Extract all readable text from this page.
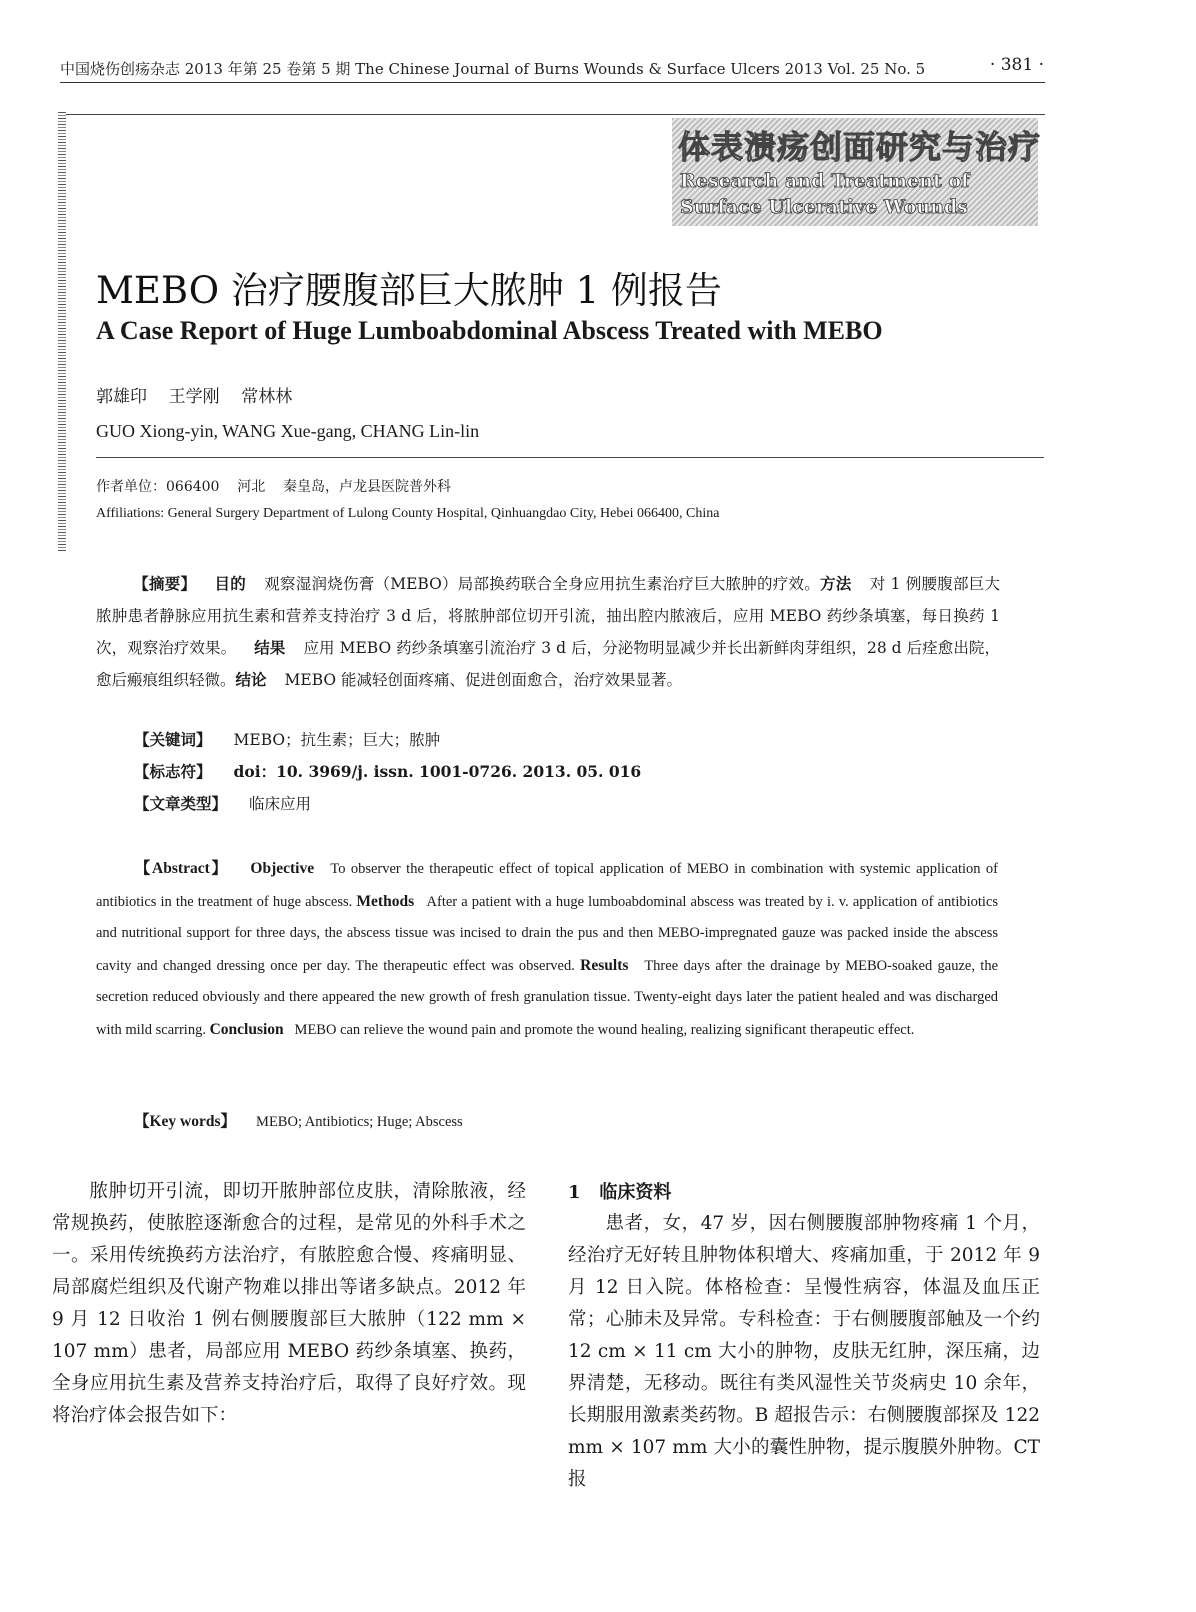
中国烧伤创疡杂志 2013 年第 25 卷第 5 期 The Chinese Journal of Burns Wounds & Surface Ulcers 2013 Vol. 25 No. 5	· 381 ·
体表溃疡创面研究与治疗
Research and Treatment of Surface Ulcerative Wounds
MEBO 治疗腰腹部巨大脓肿 1 例报告
A Case Report of Huge Lumboabdominal Abscess Treated with MEBO
郭雄印    王学刚    常林林
GUO Xiong-yin, WANG Xue-gang, CHANG Lin-lin
作者单位：066400    河北    秦皇岛，卢龙县医院普外科
Affiliations: General Surgery Department of Lulong County Hospital, Qinhuangdao City, Hebei 066400, China
【摘要】 目的 观察湿润烧伤膏（MEBO）局部换药联合全身应用抗生素治疗巨大脓肿的疗效。方法 对 1 例腰腹部巨大脓肿患者静脉应用抗生素和营养支持治疗 3 d 后，将脓肿部位切开引流，抽出腔内脓液后，应用 MEBO 药纱条填塞，每日换药 1 次，观察治疗效果。 结果 应用 MEBO 药纱条填塞引流治疗 3 d 后，分泌物明显减少并长出新鲜肉芽组织，28 d 后痊愈出院，愈后瘢痕组织轻微。结论 MEBO 能减轻创面疼痛、促进创面愈合，治疗效果显著。
【关键词】 MEBO；抗生素；巨大；脓肿
【标志符】 doi：10. 3969/j. issn. 1001-0726. 2013. 05. 016
【文章类型】 临床应用
【Abstract】 Objective To observer the therapeutic effect of topical application of MEBO in combination with systemic application of antibiotics in the treatment of huge abscess. Methods After a patient with a huge lumboabdominal abscess was treated by i. v. application of antibiotics and nutritional support for three days, the abscess tissue was incised to drain the pus and then MEBO-impregnated gauze was packed inside the abscess cavity and changed dressing once per day. The therapeutic effect was observed. Results Three days after the drainage by MEBO-soaked gauze, the secretion reduced obviously and there appeared the new growth of fresh granulation tissue. Twenty-eight days later the patient healed and was discharged with mild scarring. Conclusion MEBO can relieve the wound pain and promote the wound healing, realizing significant therapeutic effect.
【Key words】 MEBO; Antibiotics; Huge; Abscess
脓肿切开引流，即切开脓肿部位皮肤，清除脓液，经常规换药，使脓腔逐渐愈合的过程，是常见的外科手术之一。采用传统换药方法治疗，有脓腔愈合慢、疼痛明显、局部腐烂组织及代谢产物难以排出等诸多缺点。2012 年 9 月 12 日收治 1 例右侧腰腹部巨大脓肿（122 mm × 107 mm）患者，局部应用 MEBO 药纱条填塞、换药，全身应用抗生素及营养支持治疗后，取得了良好疗效。现将治疗体会报告如下：
1   临床资料
患者，女，47 岁，因右侧腰腹部肿物疼痛 1 个月，经治疗无好转且肿物体积增大、疼痛加重，于 2012 年 9 月 12 日入院。体格检查：呈慢性病容，体温及血压正常；心肺未及异常。专科检查：于右侧腰腹部触及一个约 12 cm × 11 cm 大小的肿物，皮肤无红肿，深压痛，边界清楚，无移动。既往有类风湿性关节炎病史 10 余年，长期服用激素类药物。B 超报告示：右侧腰腹部探及 122 mm × 107 mm 大小的囊性肿物，提示腹膜外肿物。CT 报
